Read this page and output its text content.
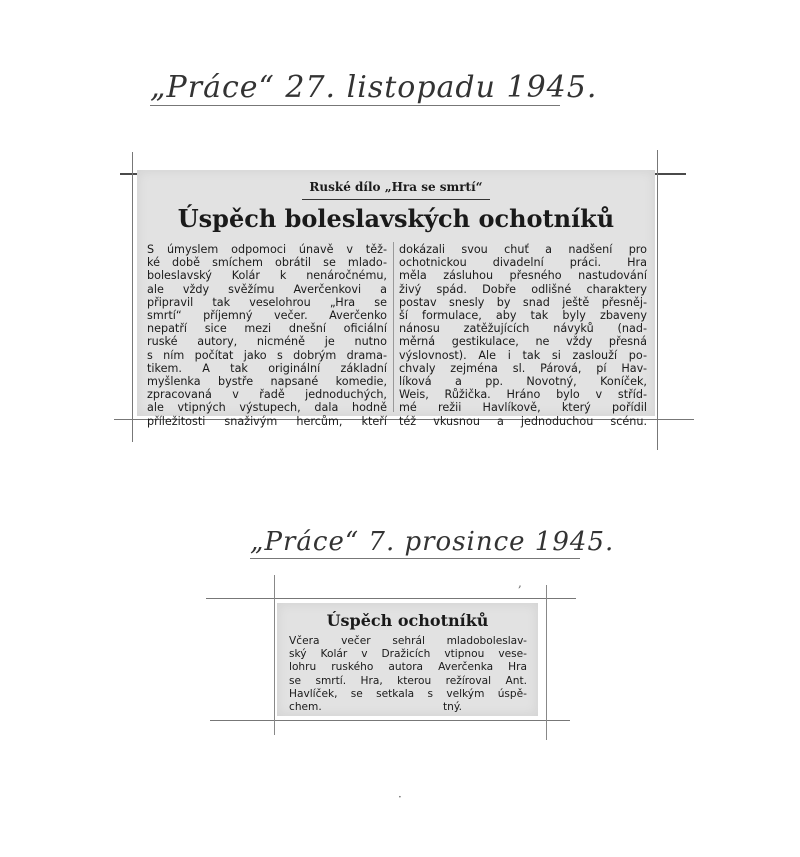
„Práce“ 27. listopadu 1945.
„Práce“ 7. prosince 1945.
Ruské dílo „Hra se smrtí“
Úspěch boleslavských ochotníků

S úmyslem odpomoci únavě v těž-

ké době smíchem obrátil se mlado-

boleslavský Kolár k nenáročnému,

ale vždy svěžímu Averčenkovi a

připravil tak veselohrou „Hra se

smrtí“ příjemný večer. Averčenko

nepatří sice mezi dnešní oficiální

ruské autory, nicméně je nutno

s ním počítat jako s dobrým drama-

tikem. A tak originální základní

myšlenka bystře napsané komedie,

zpracovaná v řadě jednoduchých,

ale vtipných výstupech, dala hodně

příležitosti snaživým hercům, kteří

dokázali svou chuť a nadšení pro

ochotnickou divadelní práci. Hra

měla zásluhou přesného nastudování

živý spád. Dobře odlišné charaktery

postav snesly by snad ještě přesněj-

ší formulace, aby tak byly zbaveny

nánosu zatěžujících návyků (nad-

měrná gestikulace, ne vždy přesná

výslovnost). Ale i tak si zaslouží po-

chvaly zejména sl. Párová, pí Hav-

líková a pp. Novotný, Koníček,

Weis, Růžička. Hráno bylo v stříd-

mé režii Havlíkově, který pořídil

též vkusnou a jednoduchou scénu.

Úspěch ochotníků

Včera večer sehrál mladoboleslav-

ský Kolár v Dražicích vtipnou vese-

lohru ruského autora Averčenka Hra

se smrtí. Hra, kterou režíroval Ant.

Havlíček, se setkala s velkým úspě-

chem.                                    tný.

,
·
